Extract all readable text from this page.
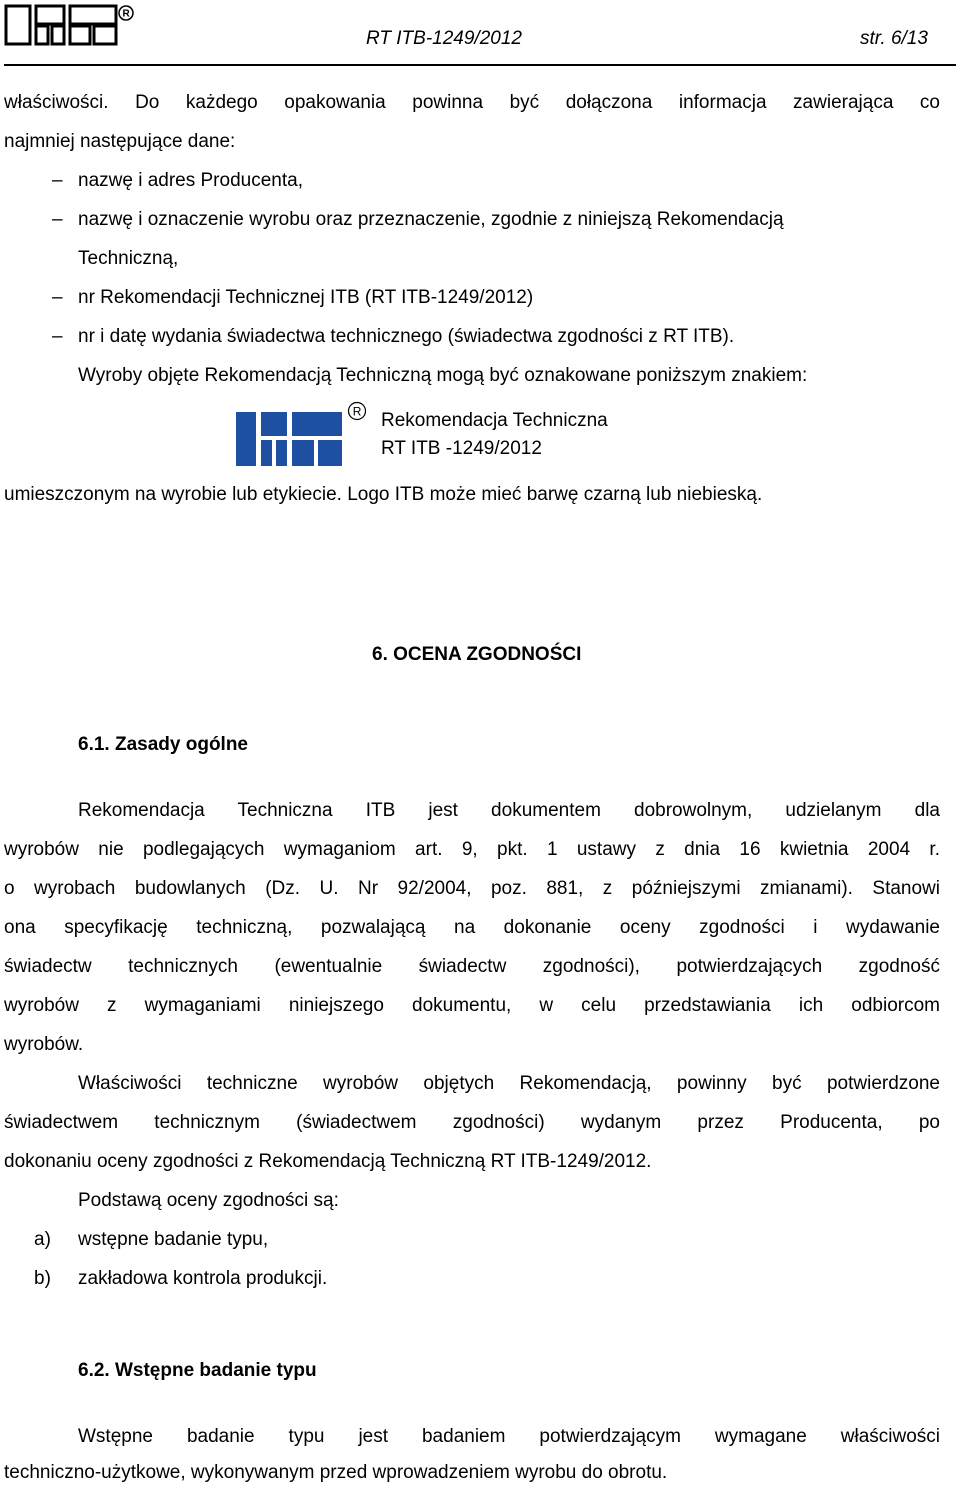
R
RT ITB-1249/2012	str. 6/13
właściwości. Do każdego opakowania powinna być dołączona informacja zawierająca co
najmniej następujące dane:
– nazwę i adres Producenta,
– nazwę i oznaczenie wyrobu oraz przeznaczenie, zgodnie z niniejszą Rekomendacją
Techniczną,
– nr Rekomendacji Technicznej ITB (RT ITB-1249/2012)
– nr i datę wydania świadectwa technicznego (świadectwa zgodności z RT ITB).
Wyroby objęte Rekomendacją Techniczną mogą być oznakowane poniższym znakiem:
R Rekomendacja Techniczna
RT ITB -1249/2012
umieszczonym na wyrobie lub etykiecie. Logo ITB może mieć barwę czarną lub niebieską.
6. OCENA ZGODNOŚCI
6.1. Zasady ogólne
Rekomendacja Techniczna ITB jest dokumentem dobrowolnym, udzielanym dla
wyrobów nie podlegających wymaganiom art. 9, pkt. 1 ustawy z dnia 16 kwietnia 2004 r.
o wyrobach budowlanych (Dz. U. Nr 92/2004, poz. 881, z późniejszymi zmianami). Stanowi
ona specyfikację techniczną, pozwalającą na dokonanie oceny zgodności i wydawanie
świadectw technicznych (ewentualnie świadectw zgodności), potwierdzających zgodność
wyrobów z wymaganiami niniejszego dokumentu, w celu przedstawiania ich odbiorcom
wyrobów.
Właściwości techniczne wyrobów objętych Rekomendacją, powinny być potwierdzone
świadectwem technicznym (świadectwem zgodności) wydanym przez Producenta, po
dokonaniu oceny zgodności z Rekomendacją Techniczną RT ITB-1249/2012.
Podstawą oceny zgodności są:
a) wstępne badanie typu,
b) zakładowa kontrola produkcji.
6.2. Wstępne badanie typu
Wstępne badanie typu jest badaniem potwierdzającym wymagane właściwości
techniczno-użytkowe, wykonywanym przed wprowadzeniem wyrobu do obrotu.
